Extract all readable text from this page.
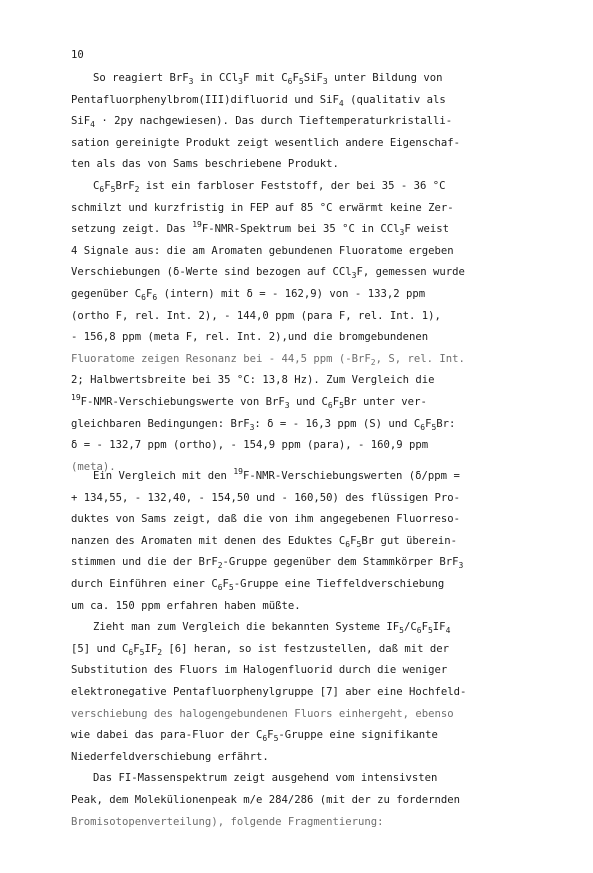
10
So reagiert BrF$_3$ in CCl$_3$F mit $C_6F_5SiF_3$ unter Bildung von
Pentafluorphenylbrom(III)difluorid und SiF$_4$ (qualitativ als
SiF$_4$ · 2py nachgewiesen). Das durch Tieftemperaturkristalli-
sation gereinigte Produkt zeigt wesentlich andere Eigenschaf-
ten als das von Sams beschriebene Produkt.
$C_6F_5BrF_2$ ist ein farbloser Feststoff, der bei 35 - 36 °C
schmilzt und kurzfristig in FEP auf 85 °C erwärmt keine Zer-
setzung zeigt. Das $^{19}$F-NMR-Spektrum bei 35 °C in CCl$_3$F weist
4 Signale aus: die am Aromaten gebundenen Fluoratome ergeben
Verschiebungen (δ-Werte sind bezogen auf CCl$_3$F, gemessen wurde
gegenüber $C_6F_6$ (intern) mit δ = - 162,9) von - 133,2 ppm
(ortho F, rel. Int. 2), - 144,0 ppm (para F, rel. Int. 1),
- 156,8 ppm (meta F, rel. Int. 2),und die bromgebundenen
Fluoratome zeigen Resonanz bei - 44,5 ppm (-BrF$_2$, S, rel. Int.
2; Halbwertsbreite bei 35 °C: 13,8 Hz). Zum Vergleich die
$^{19}$F-NMR-Verschiebungswerte von BrF$_3$ und $C_6F_5Br$ unter ver-
gleichbaren Bedingungen: BrF$_3$: δ = - 16,3 ppm (S) und $C_6F_5Br$:
δ = - 132,7 ppm (ortho), - 154,9 ppm (para), - 160,9 ppm
(meta).
Ein Vergleich mit den $^{19}$F-NMR-Verschiebungswerten (δ/ppm =
+ 134,55, - 132,40, - 154,50 und - 160,50) des flüssigen Pro-
duktes von Sams zeigt, daß die von ihm angegebenen Fluorreso-
nanzen des Aromaten mit denen des Eduktes $C_6F_5Br$ gut überein-
stimmen und die der BrF$_2$-Gruppe gegenüber dem Stammkörper BrF$_3$
durch Einführen einer $C_6F_5$-Gruppe eine Tieffeldverschiebung
um ca. 150 ppm erfahren haben müßte.
Zieht man zum Vergleich die bekannten Systeme $IF_5/C_6F_5IF_4$
[5] und $C_6F_5IF_2$ [6] heran, so ist festzustellen, daß mit der
Substitution des Fluors im Halogenfluorid durch die weniger
elektronegative Pentafluorphenylgruppe [7] aber eine Hochfeld-
verschiebung des halogengebundenen Fluors einhergeht, ebenso
wie dabei das para-Fluor der $C_6F_5$-Gruppe eine signifikante
Niederfeldverschiebung erfährt.
Das FI-Massenspektrum zeigt ausgehend vom intensivsten
Peak, dem Molekülionenpeak m/e 284/286 (mit der zu fordernden
Bromisotopenverteilung), folgende Fragmentierung:
